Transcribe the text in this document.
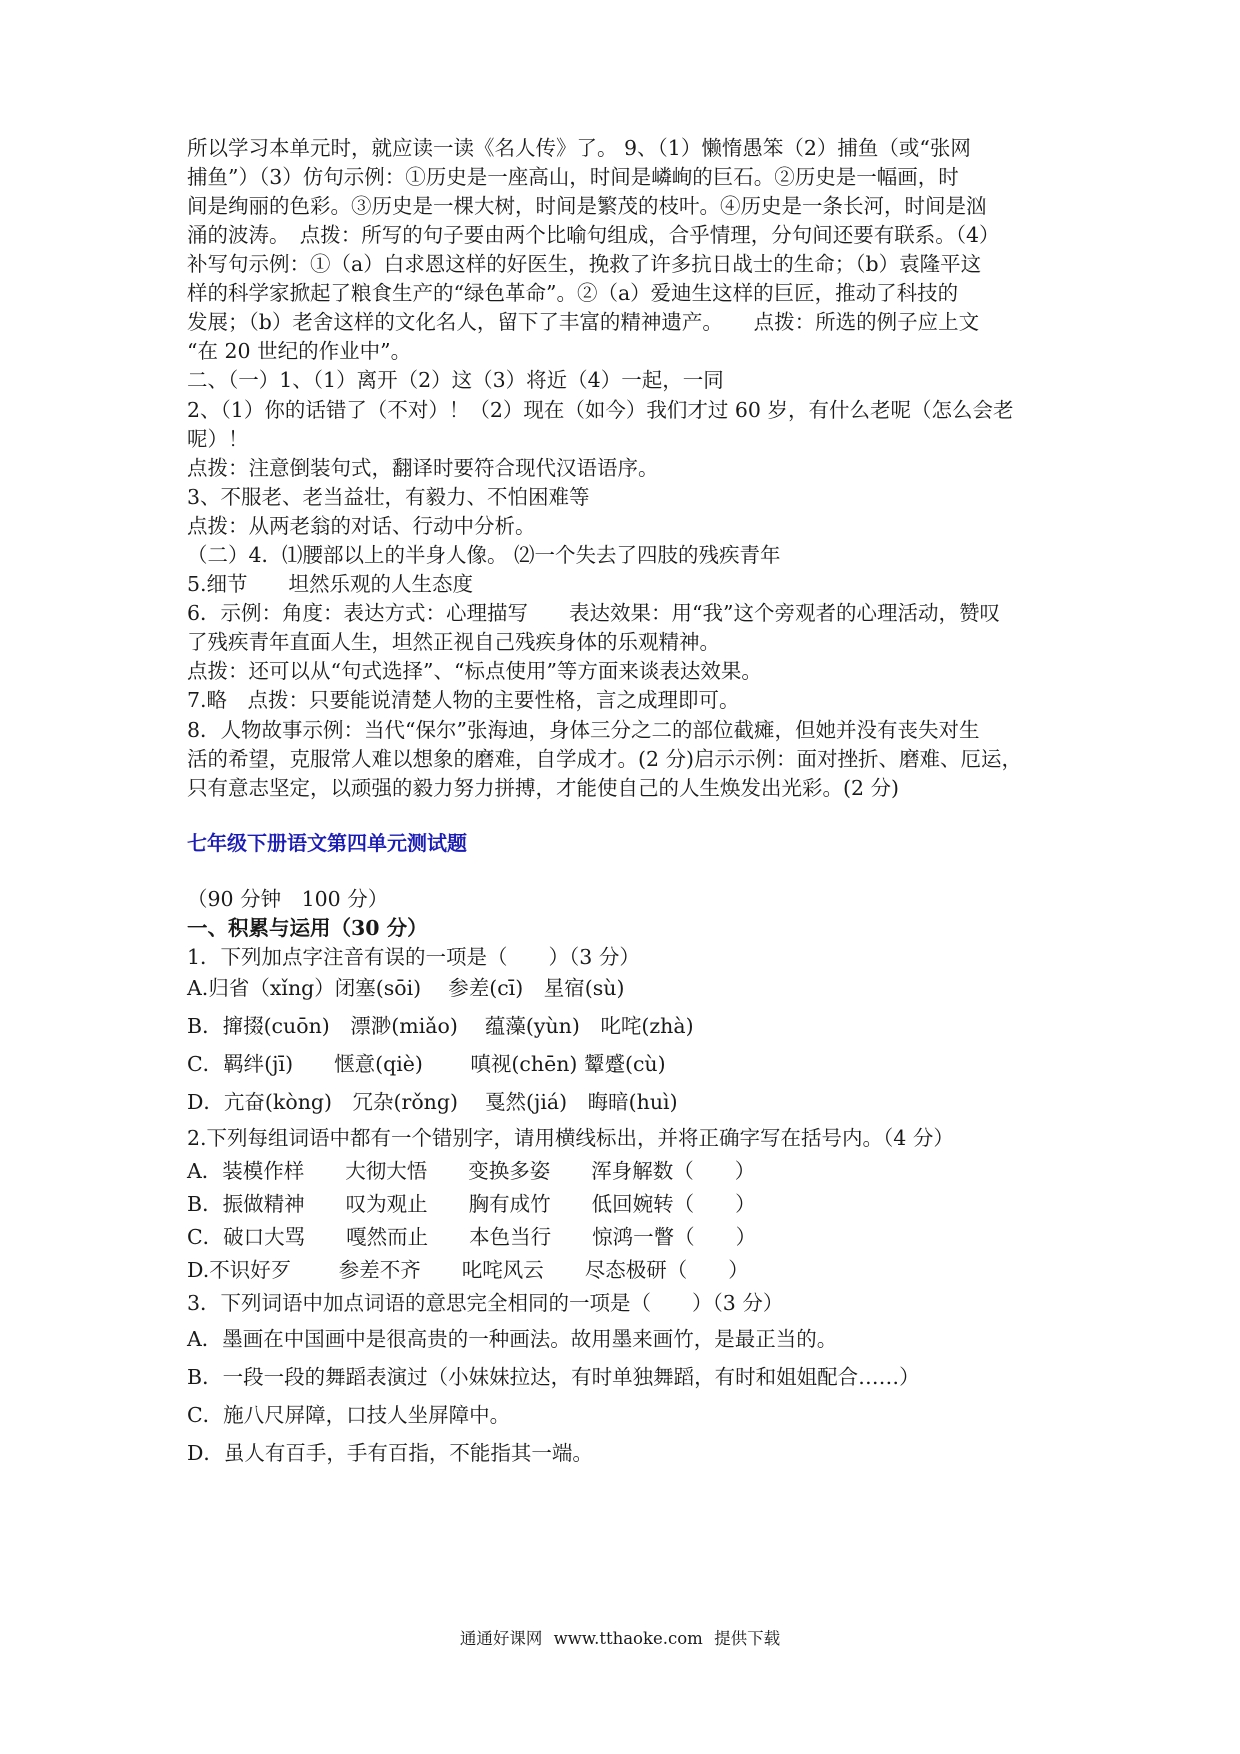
所以学习本单元时，就应读一读《名人传》了。 9、（1）懒惰愚笨（2）捕鱼（或“张网

捕鱼”）（3）仿句示例：①历史是一座高山，时间是嶙峋的巨石。②历史是一幅画，时

间是绚丽的色彩。③历史是一棵大树，时间是繁茂的枝叶。④历史是一条长河，时间是汹

涌的波涛。　点拨：所写的句子要由两个比喻句组成，合乎情理，分句间还要有联系。（4）

补写句示例：①（a）白求恩这样的好医生，挽救了许多抗日战士的生命；（b）袁隆平这

样的科学家掀起了粮食生产的“绿色革命”。②（a）爱迪生这样的巨匠，推动了科技的

发展；（b）老舍这样的文化名人，留下了丰富的精神遗产。　　点拨：所选的例子应上文

“在 20 世纪的作业中”。

二、（一）1、（1）离开（2）这（3）将近（4）一起，一同

2、（1）你的话错了（不对）！（2）现在（如今）我们才过 60 岁，有什么老呢（怎么会老

呢）！

点拨：注意倒装句式，翻译时要符合现代汉语语序。

3、不服老、老当益壮，有毅力、不怕困难等

点拨：从两老翁的对话、行动中分析。

（二）4．⑴腰部以上的半身人像。 ⑵一个失去了四肢的残疾青年

5.细节　　坦然乐观的人生态度

6．示例：角度：表达方式：心理描写　　表达效果：用“我”这个旁观者的心理活动，赞叹

了残疾青年直面人生，坦然正视自己残疾身体的乐观精神。

点拨：还可以从“句式选择”、“标点使用”等方面来谈表达效果。

7.略　点拨：只要能说清楚人物的主要性格，言之成理即可。

8．人物故事示例：当代“保尔”张海迪，身体三分之二的部位截瘫，但她并没有丧失对生

活的希望，克服常人难以想象的磨难，自学成才。(2 分)启示示例：面对挫折、磨难、厄运，

只有意志坚定，以顽强的毅力努力拼搏，才能使自己的人生焕发出光彩。(2 分)

七年级下册语文第四单元测试题

（90 分钟　100 分）

一、积累与运用（30 分）

1．下列加点字注音有误的一项是（　　）（3 分）

A.归省（xǐng）闭塞(sōi)　 参差(cī)　星宿(sù)

B．撺掇(cuōn)　漂渺(miǎo)　 蕴藻(yùn)　叱咤(zhà)

C．羁绊(jī)　　惬意(qiè)　　 嗔视(chēn) 颦蹙(cù)

D．亢奋(kòng)　冗杂(rǒng)　 戛然(jiá)　晦暗(huì)

2.下列每组词语中都有一个错别字，请用横线标出，并将正确字写在括号内。（4 分）

A．装模作样　　大彻大悟　　变换多姿　　浑身解数（　　）

B．振做精神　　叹为观止　　胸有成竹　　低回婉转（　　）

C．破口大骂　　嘎然而止　　本色当行　　惊鸿一瞥（　　）

D.不识好歹　　 参差不齐　　叱咤风云　　尽态极研（　　）

3．下列词语中加点词语的意思完全相同的一项是（　　）（3 分）

A．墨画在中国画中是很高贵的一种画法。故用墨来画竹，是最正当的。

B．一段一段的舞蹈表演过（小妹妹拉达，有时单独舞蹈，有时和姐姐配合……）

C．施八尺屏障，口技人坐屏障中。

D．虽人有百手，手有百指，不能指其一端。

通通好课网 www.tthaoke.com 提供下载
